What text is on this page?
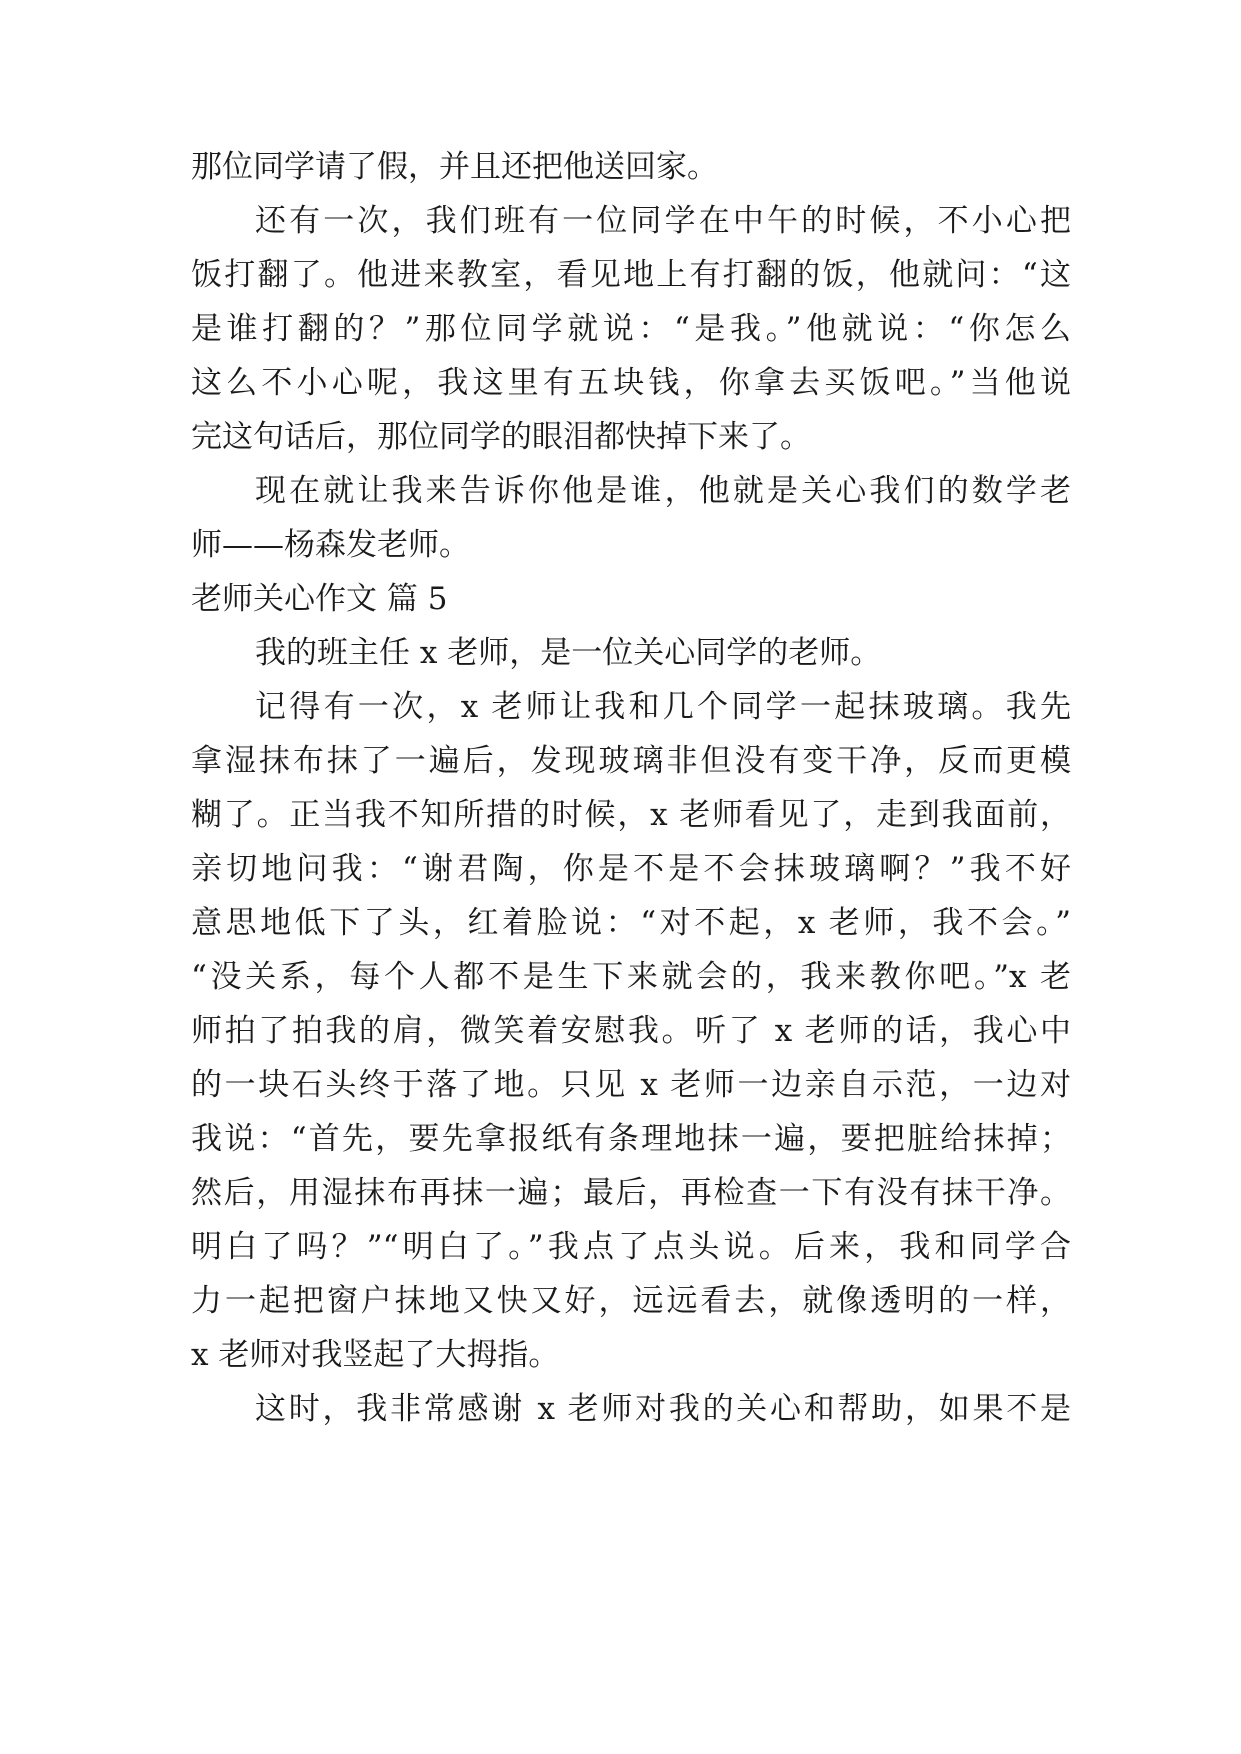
那位同学请了假，并且还把他送回家。
还有一次，我们班有一位同学在中午的时候，不小心把
饭打翻了。他进来教室，看见地上有打翻的饭，他就问：“这
是谁打翻的？”那位同学就说：“是我。”他就说：“你怎么
这么不小心呢，我这里有五块钱，你拿去买饭吧。”当他说
完这句话后，那位同学的眼泪都快掉下来了。
现在就让我来告诉你他是谁，他就是关心我们的数学老
师——杨森发老师。
老师关心作文 篇 5
我的班主任 x 老师，是一位关心同学的老师。
记得有一次，x 老师让我和几个同学一起抹玻璃。我先
拿湿抹布抹了一遍后，发现玻璃非但没有变干净，反而更模
糊了。正当我不知所措的时候，x 老师看见了，走到我面前，
亲切地问我：“谢君陶，你是不是不会抹玻璃啊？”我不好
意思地低下了头，红着脸说：“对不起，x 老师，我不会。”
“没关系，每个人都不是生下来就会的，我来教你吧。”x 老
师拍了拍我的肩，微笑着安慰我。听了 x 老师的话，我心中
的一块石头终于落了地。只见 x 老师一边亲自示范，一边对
我说：“首先，要先拿报纸有条理地抹一遍，要把脏给抹掉；
然后，用湿抹布再抹一遍；最后，再检查一下有没有抹干净。
明白了吗？”“明白了。”我点了点头说。后来，我和同学合
力一起把窗户抹地又快又好，远远看去，就像透明的一样，
x 老师对我竖起了大拇指。
这时，我非常感谢 x 老师对我的关心和帮助，如果不是
